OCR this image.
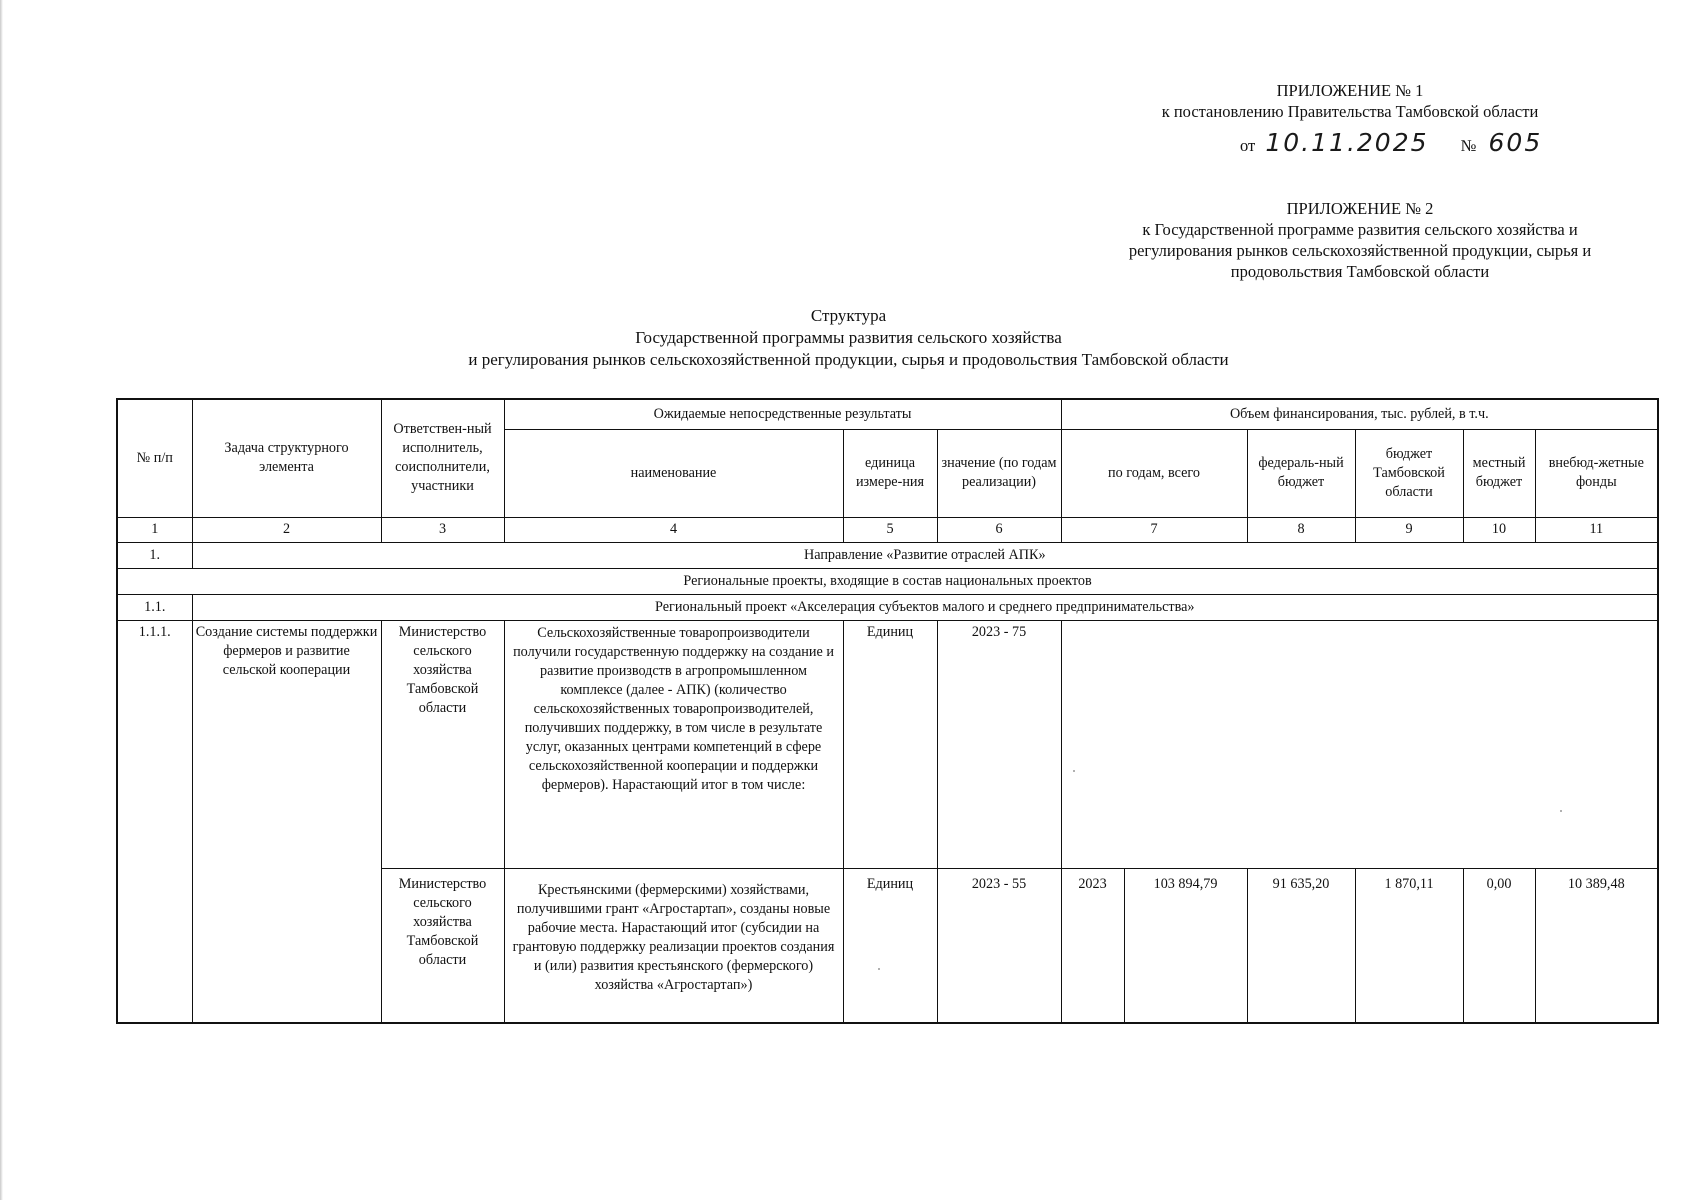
ПРИЛОЖЕНИЕ № 1
к постановлению Правительства Тамбовской области
от 10.11.2025 № 605
ПРИЛОЖЕНИЕ № 2
к Государственной программе развития сельского хозяйства и
регулирования рынков сельскохозяйственной продукции, сырья и
продовольствия Тамбовской области
Структура
Государственной программы развития сельского хозяйства
и регулирования рынков сельскохозяйственной продукции, сырья и продовольствия Тамбовской области
№ п/п	Задача структурного элемента	Ответствен-ный исполнитель, соисполнители, участники	Ожидаемые непосредственные результаты			Объем финансирования, тыс. рублей, в т.ч.					
			наименование	единица измере-ния	значение (по годам реализации)	по годам, всего		федераль-ный бюджет	бюджет Тамбовской области	местный бюджет	внебюд-жетные фонды
1	2	3	4	5	6	7		8	9	10	11
1.	Направление «Развитие отраслей АПК»										
Региональные проекты, входящие в состав национальных проектов											
1.1.	Региональный проект «Акселерация субъектов малого и среднего предпринимательства»										
1.1.1.	Создание системы поддержки фермеров и развитие сельской кооперации	Министерство сельского хозяйства Тамбовской области	Сельскохозяйственные товаропроизводители получили государственную поддержку на создание и развитие производств в агропромышленном комплексе (далее - АПК) (количество сельскохозяйственных товаропроизводителей, получивших поддержку, в том числе в результате услуг, оказанных центрами компетенций в сфере сельскохозяйственной кооперации и поддержки фермеров). Нарастающий итог в том числе:	Единиц	2023 - 75						
		Министерство сельского хозяйства Тамбовской области	Крестьянскими (фермерскими) хозяйствами, получившими грант «Агростартап», созданы новые рабочие места. Нарастающий итог (субсидии на грантовую поддержку реализации проектов создания и (или) развития крестьянского (фермерского) хозяйства «Агростартап»)	Единиц	2023 - 55	2023	103 894,79	91 635,20	1 870,11	0,00	10 389,48
